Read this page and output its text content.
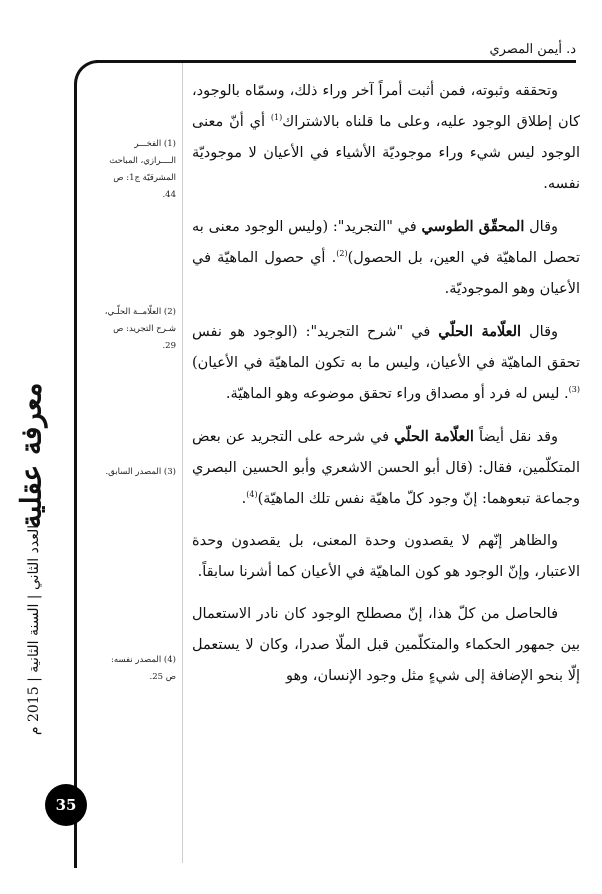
د. أيمن المصري

وتحققه وثبوته، فمن أثبت أمراً آخر وراء ذلك، وسمّاه بالوجود، كان إطلاق الوجود عليه، وعلى ما قلناه بالاشتراك$^{(1)}$ أي أنّ معنى الوجود ليس شيء وراء موجوديّة الأشياء في الأعيان لا موجوديّة نفسه.

وقال المحقّق الطوسي في "التجريد": (وليس الوجود معنى به تحصل الماهيّة في العين، بل الحصول)$^{(2)}$. أي حصول الماهيّة في الأعيان وهو الموجوديّة.

وقال العلّامة الحلّي في "شرح التجريد": (الوجود هو نفس تحقق الماهيّة في الأعيان، وليس ما به تكون الماهيّة في الأعيان)$^{(3)}$. ليس له فرد أو مصداق وراء تحقق موضوعه وهو الماهيّة.

وقد نقل أيضاً العلّامة الحلّي في شرحه على التجريد عن بعض المتكلّمين، فقال: (قال أبو الحسن الاشعري وأبو الحسين البصري وجماعة تبعوهما: إنّ وجود كلّ ماهيّة نفس تلك الماهيّة)$^{(4)}$.

والظاهر إنّهم لا يقصدون وحدة المعنى، بل يقصدون وحدة الاعتبار، وإنّ الوجود هو كون الماهيّة في الأعيان كما أشرنا سابقاً.

فالحاصل من كلّ هذا، إنّ مصطلح الوجود كان نادر الاستعمال بين جمهور الحكماء والمتكلّمين قبل الملّا صدرا، وكان لا يستعمل إلّا بنحو الإضافة إلى شيءٍ مثل وجود الإنسان، وهو

(1) الفخـــر الــــرازي، المباحث المشرقيّة ج1: ص 44.
(2) العلّامــة الحلّـي، شـرح التجريد: ص 29.
(3) المصدر السابق.
(4) المصدر نفسه: ص 25.
معرفة عقلية
العدد الثاني | السنة الثانية | 2015 م
35
